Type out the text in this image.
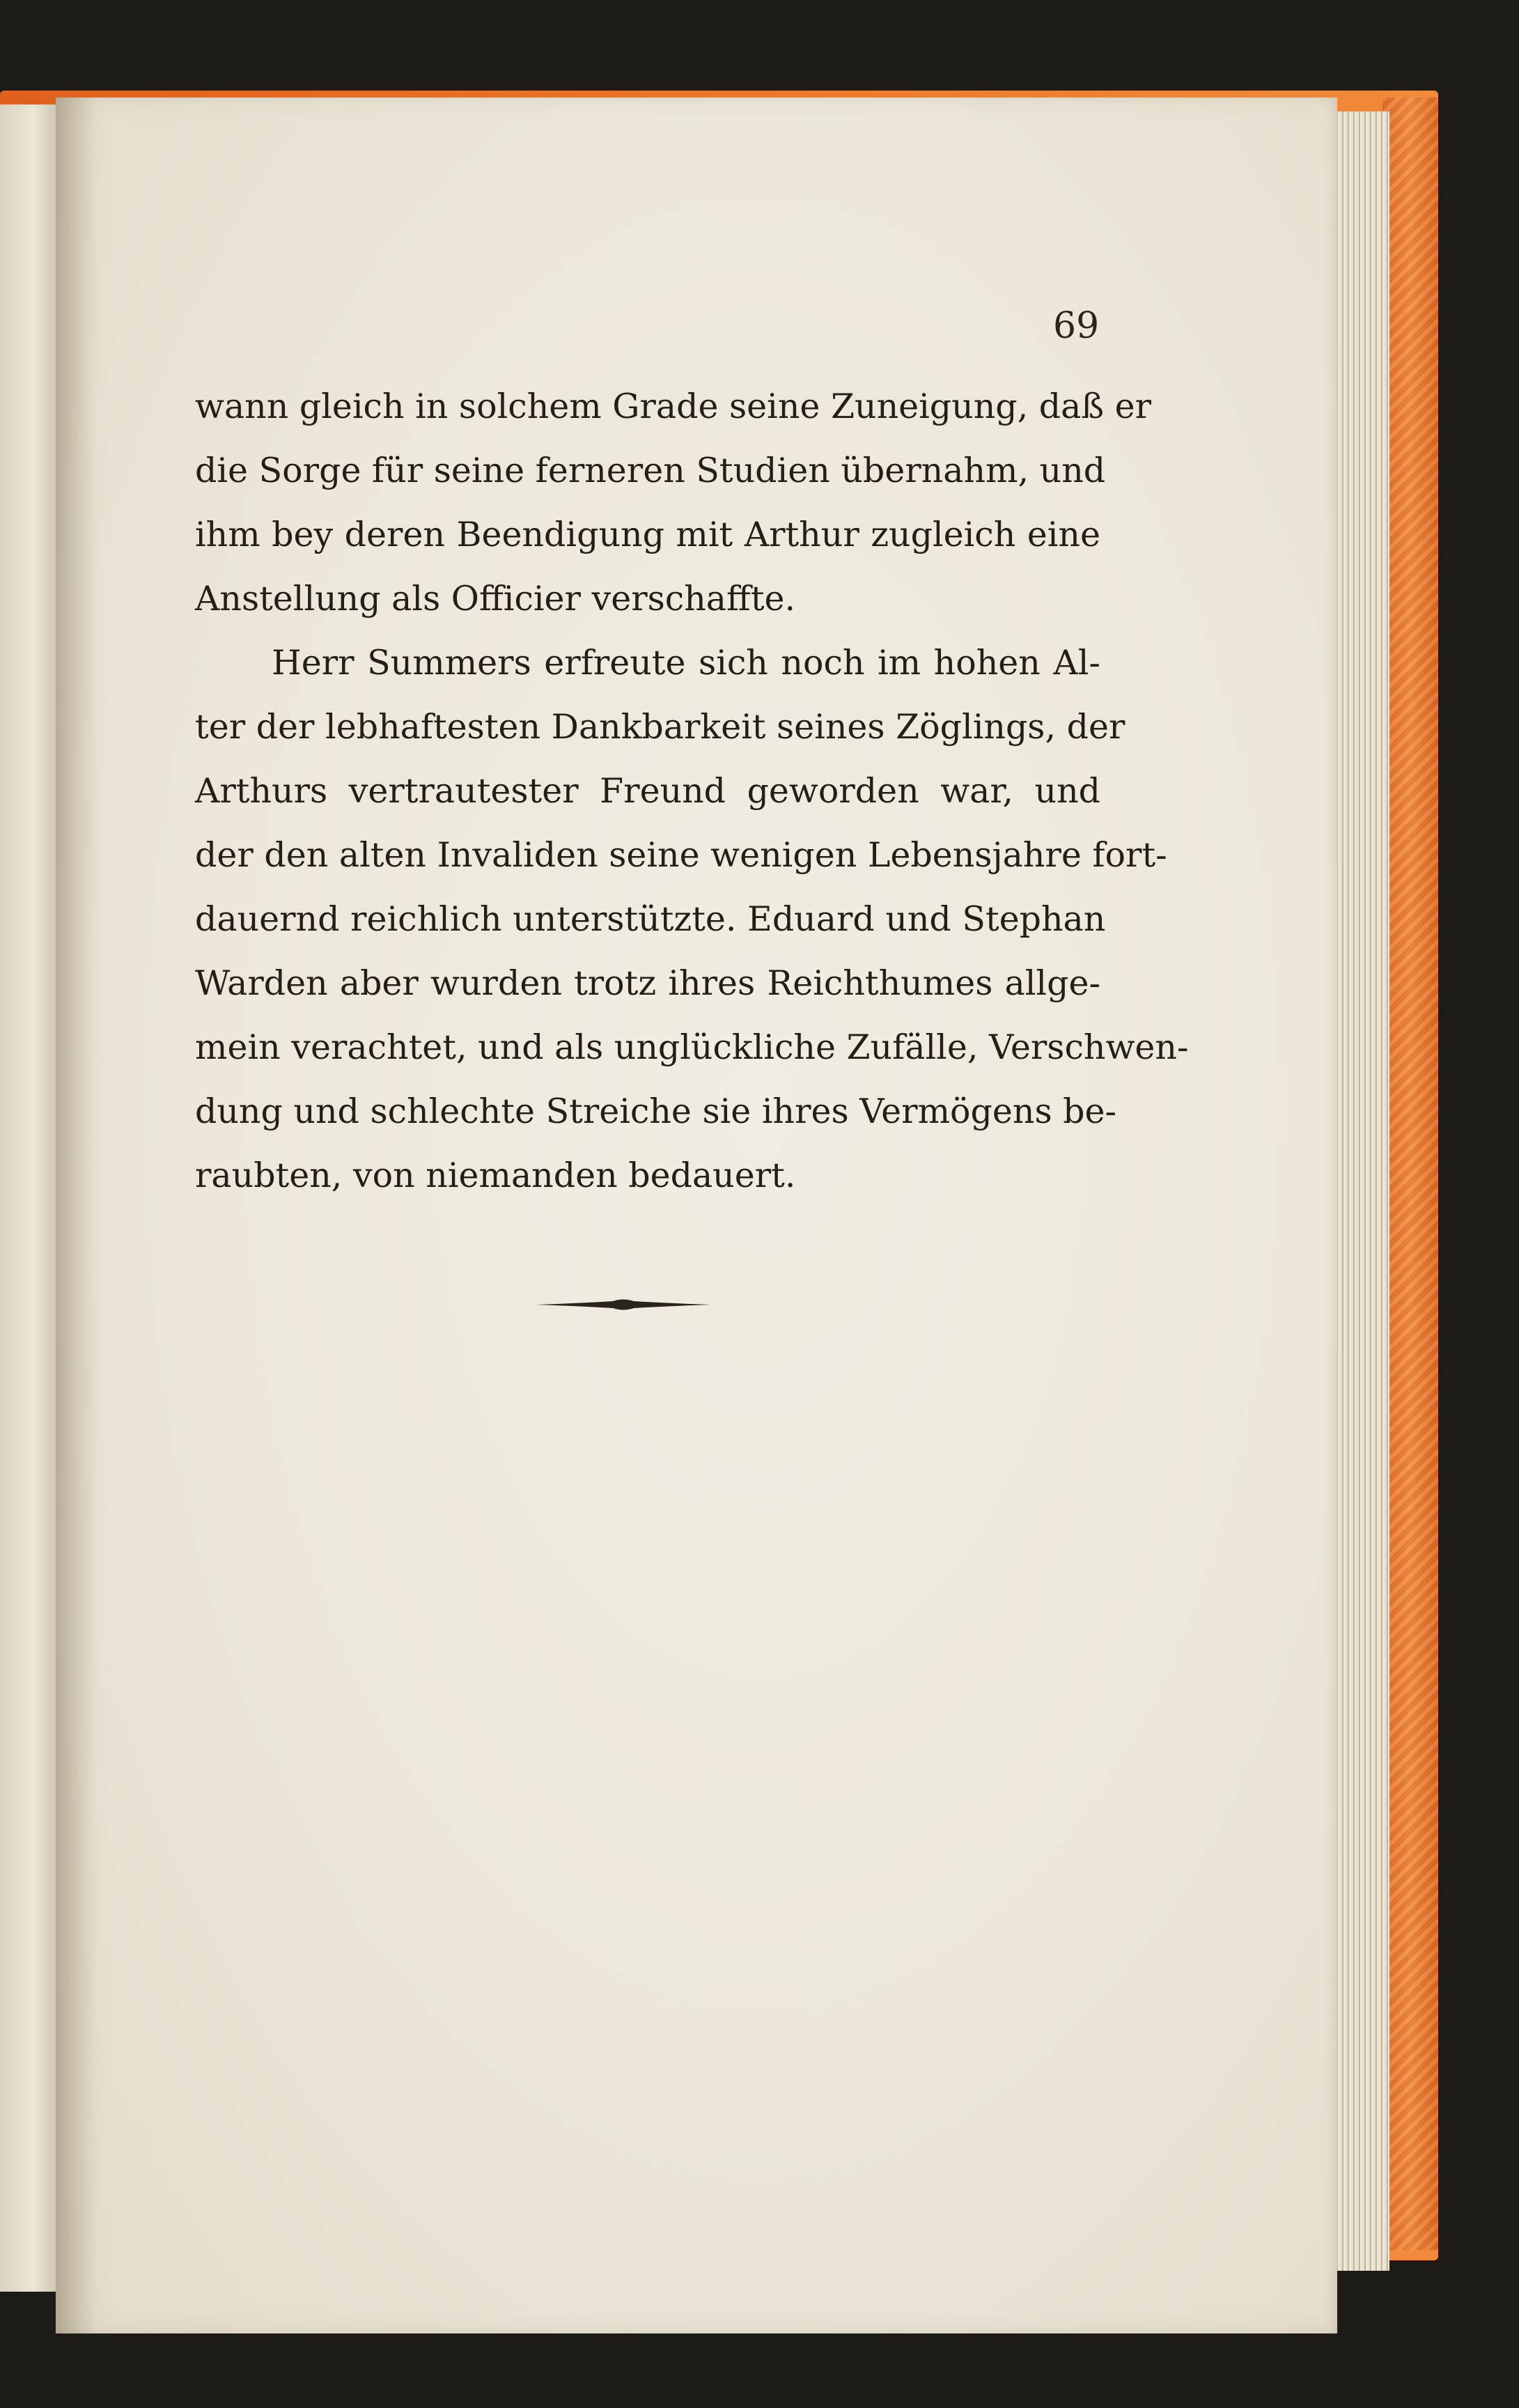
69
wann gleich in solchem Grade seine Zuneigung, daß er
die Sorge für seine ferneren Studien übernahm, und
ihm bey deren Beendigung mit Arthur zugleich eine
Anstellung als Officier verschaffte.
Herr Summers erfreute sich noch im hohen Al-
ter der lebhaftesten Dankbarkeit seines Zöglings, der
Arthurs vertrautester Freund geworden war, und
der den alten Invaliden seine wenigen Lebensjahre fort-
dauernd reichlich unterstützte. Eduard und Stephan
Warden aber wurden trotz ihres Reichthumes allge-
mein verachtet, und als unglückliche Zufälle, Verschwen-
dung und schlechte Streiche sie ihres Vermögens be-
raubten, von niemanden bedauert.
